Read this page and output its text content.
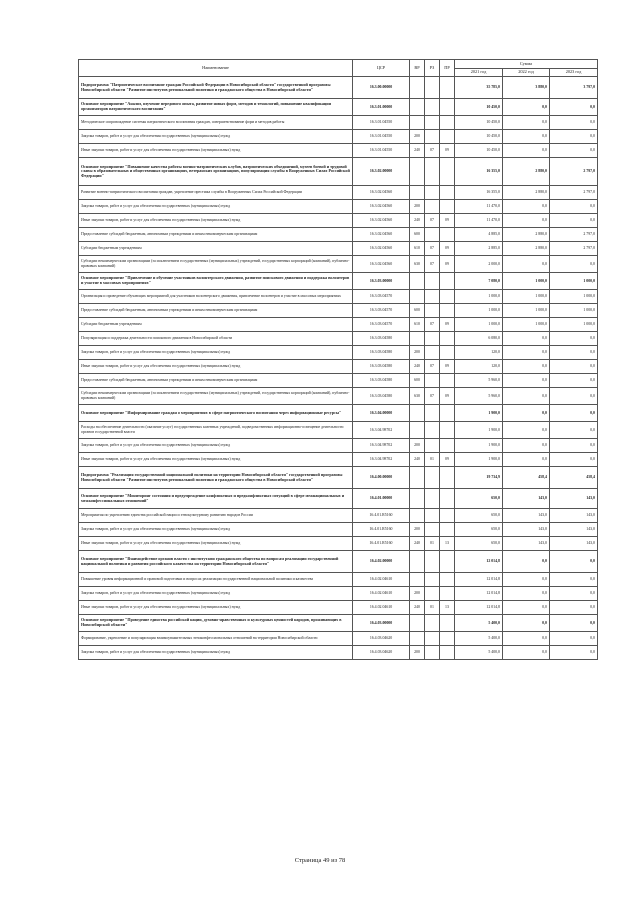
Наименование	ЦСР	ВР	РЗ	ПР	Сумма		
					2021 год	2022 год	2023 год
Подпрограмма "Патриотическое воспитание граждан Российской Федерации в Новосибирской области" государственной программы Новосибирской области "Развитие институтов региональной политики и гражданского общества в Новосибирской области"	16.3.00.00000				35 785,0	3 880,0	3 797,0
Основное мероприятие "Анализ, изучение передового опыта, развитие новых форм, методов и технологий, повышение квалификации организаторов патриотического воспитания"	16.3.01.00000				10 450,0	0,0	0,0
Методическое сопровождение системы патриотического воспитания граждан, совершенствование форм и методов работы	16.3.01.04550				10 450,0	0,0	0,0
Закупка товаров, работ и услуг для обеспечения государственных (муниципальных) нужд	16.3.01.04550	200			10 450,0	0,0	0,0
Иные закупки товаров, работ и услуг для обеспечения государственных (муниципальных) нужд	16.3.01.04550	240	07	09	10 450,0	0,0	0,0
Основное мероприятие "Повышение качества работы военно-патриотических клубов, патриотических объединений, музеев боевой и трудовой славы в образовательных и общественных организациях, ветеранских организациях, популяризация службы в Вооруженных Силах Российской Федерации"	16.3.02.00000				16 355,0	2 880,0	2 797,0
Развитие военно-патриотического воспитания граждан, укрепление престижа службы в Вооруженных Силах Российской Федерации	16.3.02.04560				16 355,0	2 880,0	2 797,0
Закупка товаров, работ и услуг для обеспечения государственных (муниципальных) нужд	16.3.02.04560	200			11 470,0	0,0	0,0
Иные закупки товаров, работ и услуг для обеспечения государственных (муниципальных) нужд	16.3.02.04560	240	07	09	11 470,0	0,0	0,0
Предоставление субсидий бюджетным, автономным учреждениям и иным некоммерческим организациям	16.3.02.04560	600			4 885,0	2 880,0	2 797,0
Субсидии бюджетным учреждениям	16.3.02.04560	610	07	09	2 885,0	2 880,0	2 797,0
Субсидии некоммерческим организациям (за исключением государственных (муниципальных) учреждений, государственных корпораций (компаний), публично-правовых компаний)	16.3.02.04560	630	07	09	2 000,0	0,0	0,0
Основное мероприятие "Привлечение и обучение участников волонтерского движения, развитие поискового движения и поддержка волонтеров и участие в массовых мероприятиях"	16.3.03.00000				7 080,0	1 000,0	1 000,0
Организация и проведение обучающих мероприятий для участников волонтерского движения, привлечение волонтеров и участие в массовых мероприятиях	16.3.03.04570				1 000,0	1 000,0	1 000,0
Предоставление субсидий бюджетным, автономным учреждениям и иным некоммерческим организациям	16.3.03.04570	600			1 000,0	1 000,0	1 000,0
Субсидии бюджетным учреждениям	16.3.03.04570	610	07	09	1 000,0	1 000,0	1 000,0
Популяризация и поддержка деятельности поискового движения в Новосибирской области	16.3.03.04580				6 080,0	0,0	0,0
Закупка товаров, работ и услуг для обеспечения государственных (муниципальных) нужд	16.3.03.04580	200			120,0	0,0	0,0
Иные закупки товаров, работ и услуг для обеспечения государственных (муниципальных) нужд	16.3.03.04580	240	07	09	120,0	0,0	0,0
Предоставление субсидий бюджетным, автономным учреждениям и иным некоммерческим организациям	16.3.03.04580	600			5 960,0	0,0	0,0
Субсидии некоммерческим организациям (за исключением государственных (муниципальных) учреждений, государственных корпораций (компаний), публично-правовых компаний)	16.3.03.04580	630	07	09	5 960,0	0,0	0,0
Основное мероприятие "Информирование граждан о мероприятиях в сфере патриотического воспитания через информационные ресурсы"	16.3.04.00000				1 900,0	0,0	0,0
Расходы на обеспечение деятельности (оказание услуг) государственных казенных учреждений, подведомственных информационно-освещение деятельности органов государственной власти	16.3.04.98702				1 900,0	0,0	0,0
Закупка товаров, работ и услуг для обеспечения государственных (муниципальных) нужд	16.3.04.98702	200			1 900,0	0,0	0,0
Иные закупки товаров, работ и услуг для обеспечения государственных (муниципальных) нужд	16.3.04.98702	240	01	09	1 900,0	0,0	0,0
Подпрограмма "Реализация государственной национальной политики на территории Новосибирской области" государственной программы Новосибирской области "Развитие институтов региональной политики и гражданского общества в Новосибирской области"	16.4.00.00000				19 734,9	458,4	458,4
Основное мероприятие "Мониторинг состояния и предупреждение конфликтных и предконфликтных ситуаций в сфере межнациональных и межконфессиональных отношений"	16.4.01.00000				650,0	143,0	143,0
Мероприятия по укреплению единства российской нации и этнокультурному развитию народов России	16.4.01.R5160				650,0	143,0	143,0
Закупка товаров, работ и услуг для обеспечения государственных (муниципальных) нужд	16.4.01.R5160	200			650,0	143,0	143,0
Иные закупки товаров, работ и услуг для обеспечения государственных (муниципальных) нужд	16.4.01.R5160	240	01	13	650,0	143,0	143,0
Основное мероприятие "Взаимодействие органов власти с институтами гражданского общества по вопросам реализации государственной национальной политики и развития российского казачества на территории Новосибирской области"	16.4.02.00000				12 014,8	0,0	0,0
Повышение уровня информационной и правовой подготовки и вопросах реализации государственной национальной политики и казачества	16.4.02.04610				12 014,8	0,0	0,0
Закупка товаров, работ и услуг для обеспечения государственных (муниципальных) нужд	16.4.02.04610	200			12 014,8	0,0	0,0
Иные закупки товаров, работ и услуг для обеспечения государственных (муниципальных) нужд	16.4.02.04610	240	01	13	12 014,8	0,0	0,0
Основное мероприятие "Проведение единства российской нации, духовно-нравственных и культурных ценностей народов, проживающих в Новосибирской области"	16.4.03.00000				5 400,0	0,0	0,0
Формирование, укрепление и популяризация взаимоуважительных этноконфессиональных отношений на территории Новосибирской области	16.4.03.04620				5 400,0	0,0	0,0
Закупка товаров, работ и услуг для обеспечения государственных (муниципальных) нужд	16.4.03.04620	200			5 400,0	0,0	0,0
Страница 49 из 78
